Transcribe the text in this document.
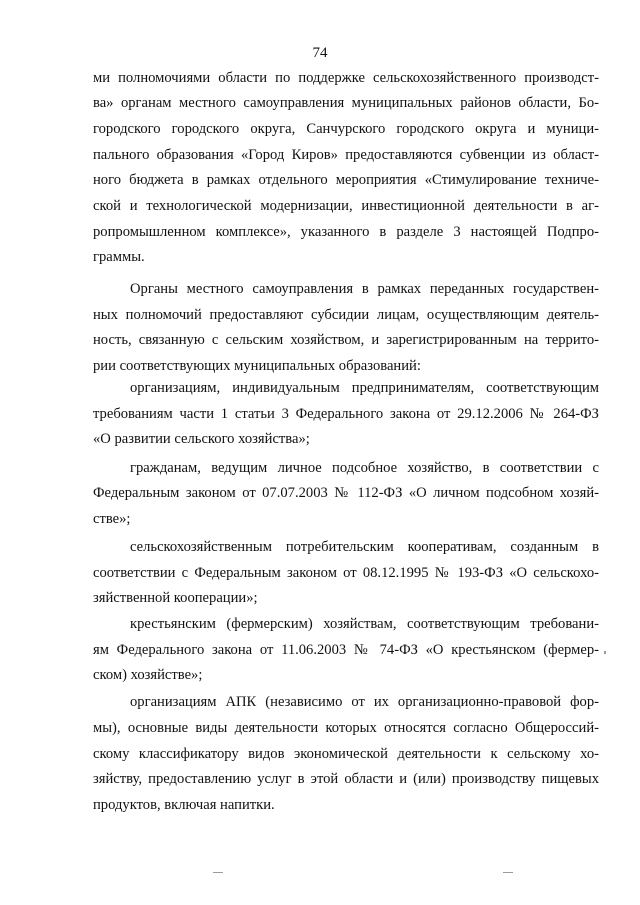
74
ми полномочиями области по поддержке сельскохозяйственного производст-
ва» органам местного самоуправления муниципальных районов области, Бо-
городского городского округа, Санчурского городского округа и муници-
пального образования «Город Киров» предоставляются субвенции из област-
ного бюджета в рамках отдельного мероприятия «Стимулирование техниче-
ской и технологической модернизации, инвестиционной деятельности в аг-
ропромышленном комплексе», указанного в разделе 3 настоящей Подпро-
граммы.
Органы местного самоуправления в рамках переданных государствен-
ных полномочий предоставляют субсидии лицам, осуществляющим деятель-
ность, связанную с сельским хозяйством, и зарегистрированным на террито-
рии соответствующих муниципальных образований:
организациям, индивидуальным предпринимателям, соответствующим
требованиям части 1 статьи 3 Федерального закона от 29.12.2006 № 264-ФЗ
«О развитии сельского хозяйства»;
гражданам, ведущим личное подсобное хозяйство, в соответствии с
Федеральным законом от 07.07.2003 № 112-ФЗ «О личном подсобном хозяй-
стве»;
сельскохозяйственным потребительским кооперативам, созданным в
соответствии с Федеральным законом от 08.12.1995 № 193-ФЗ «О сельскохо-
зяйственной кооперации»;
крестьянским (фермерским) хозяйствам, соответствующим требовани-
ям Федерального закона от 11.06.2003 № 74-ФЗ «О крестьянском (фермер-
ском) хозяйстве»;
организациям АПК (независимо от их организационно-правовой фор-
мы), основные виды деятельности которых относятся согласно Общероссий-
скому классификатору видов экономической деятельности к сельскому хо-
зяйству, предоставлению услуг в этой области и (или) производству пищевых
продуктов, включая напитки.
